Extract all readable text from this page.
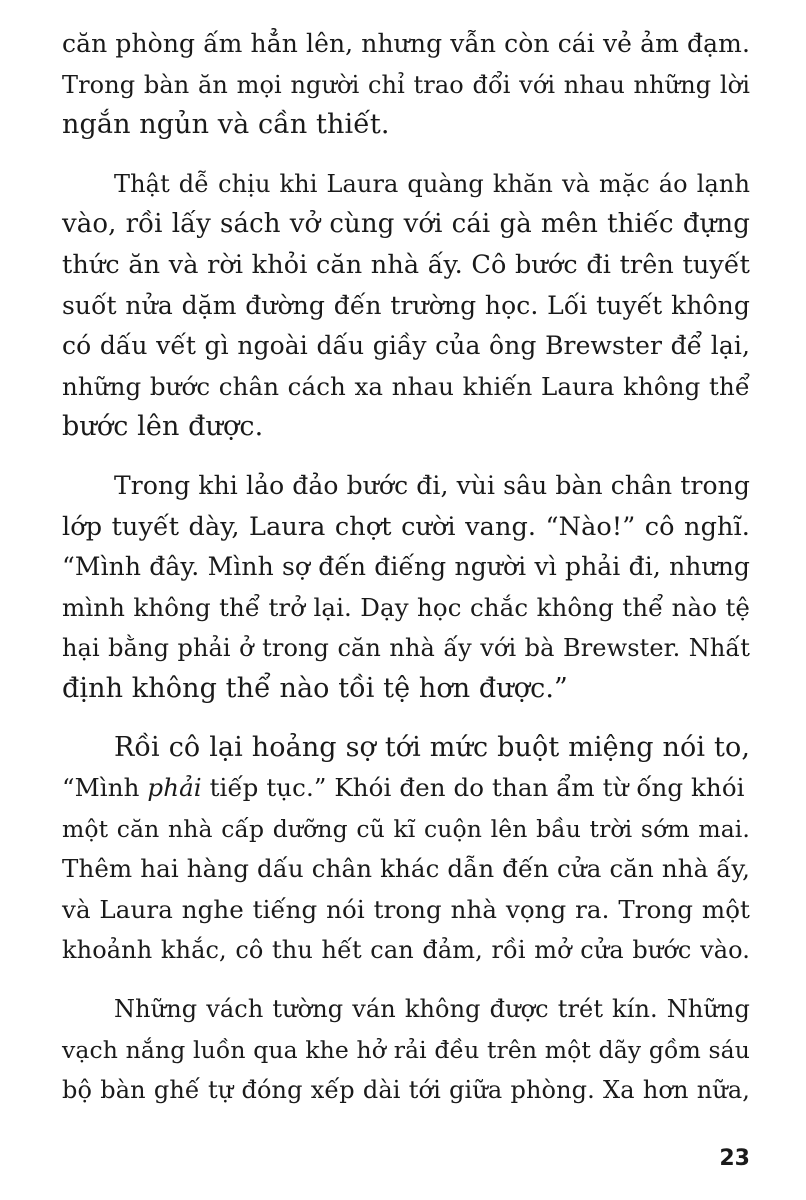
căn phòng ấm hẳn lên, nhưng vẫn còn cái vẻ ảm đạm.
Trong bàn ăn mọi người chỉ trao đổi với nhau những lời
ngắn ngủn và cần thiết.
Thật dễ chịu khi Laura quàng khăn và mặc áo lạnh
vào, rồi lấy sách vở cùng với cái gà mên thiếc đựng
thức ăn và rời khỏi căn nhà ấy. Cô bước đi trên tuyết
suốt nửa dặm đường đến trường học. Lối tuyết không
có dấu vết gì ngoài dấu giầy của ông Brewster để lại,
những bước chân cách xa nhau khiến Laura không thể
bước lên được.
Trong khi lảo đảo bước đi, vùi sâu bàn chân trong
lớp tuyết dày, Laura chợt cười vang. “Nào!” cô nghĩ.
“Mình đây. Mình sợ đến điếng người vì phải đi, nhưng
mình không thể trở lại. Dạy học chắc không thể nào tệ
hại bằng phải ở trong căn nhà ấy với bà Brewster. Nhất
định không thể nào tồi tệ hơn được.”
Rồi cô lại hoảng sợ tới mức buột miệng nói to,
“Mình phải tiếp tục.” Khói đen do than ẩm từ ống khói
một căn nhà cấp dưỡng cũ kĩ cuộn lên bầu trời sớm mai.
Thêm hai hàng dấu chân khác dẫn đến cửa căn nhà ấy,
và Laura nghe tiếng nói trong nhà vọng ra. Trong một
khoảnh khắc, cô thu hết can đảm, rồi mở cửa bước vào.
Những vách tường ván không được trét kín. Những
vạch nắng luồn qua khe hở rải đều trên một dãy gồm sáu
bộ bàn ghế tự đóng xếp dài tới giữa phòng. Xa hơn nữa,
23
